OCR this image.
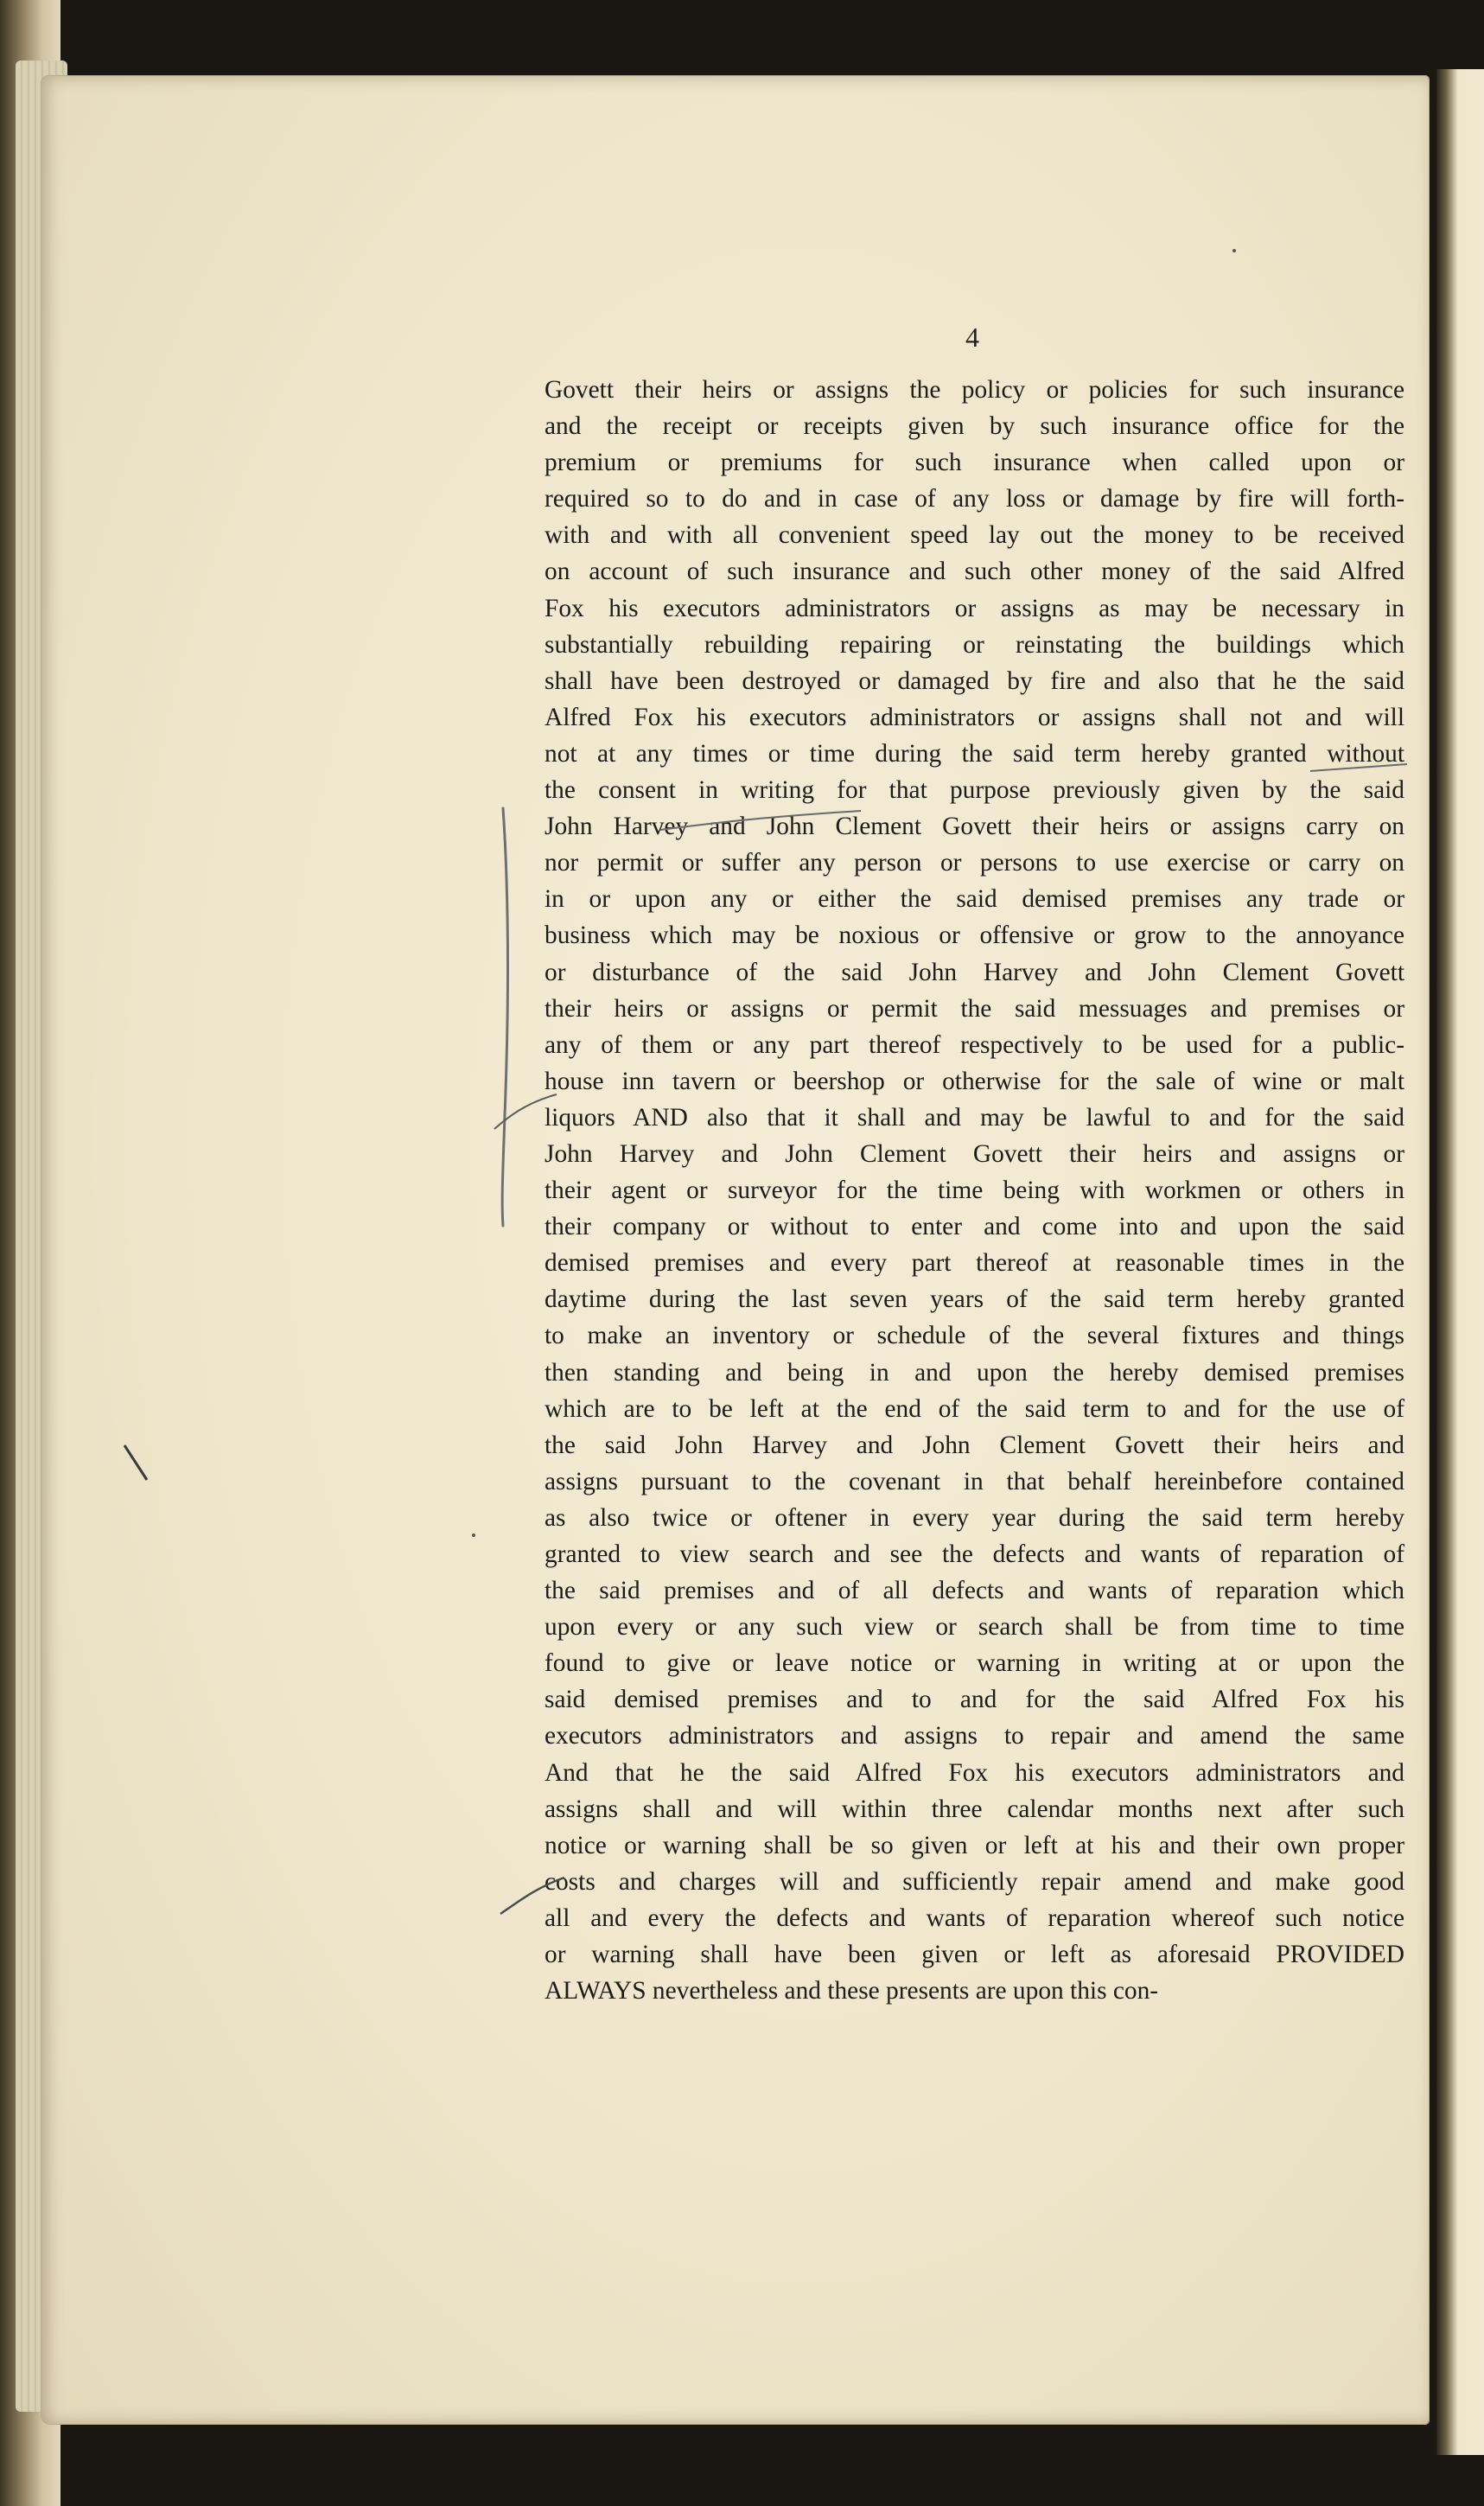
4
Govett their heirs or assigns the policy or policies for such insurance
and the receipt or receipts given by such insurance office for the
premium or premiums for such insurance when called upon or
required so to do and in case of any loss or damage by fire will forth-
with and with all convenient speed lay out the money to be received
on account of such insurance and such other money of the said Alfred
Fox his executors administrators or assigns as may be necessary in
substantially rebuilding repairing or reinstating the buildings which
shall have been destroyed or damaged by fire and also that he the said
Alfred Fox his executors administrators or assigns shall not and will
not at any times or time during the said term hereby granted without
the consent in writing for that purpose previously given by the said
John Harvey and John Clement Govett their heirs or assigns carry on
nor permit or suffer any person or persons to use exercise or carry on
in or upon any or either the said demised premises any trade or
business which may be noxious or offensive or grow to the annoyance
or disturbance of the said John Harvey and John Clement Govett
their heirs or assigns or permit the said messuages and premises or
any of them or any part thereof respectively to be used for a public-
house inn tavern or beershop or otherwise for the sale of wine or malt
liquors AND also that it shall and may be lawful to and for the said
John Harvey and John Clement Govett their heirs and assigns or
their agent or surveyor for the time being with workmen or others in
their company or without to enter and come into and upon the said
demised premises and every part thereof at reasonable times in the
daytime during the last seven years of the said term hereby granted
to make an inventory or schedule of the several fixtures and things
then standing and being in and upon the hereby demised premises
which are to be left at the end of the said term to and for the use of
the said John Harvey and John Clement Govett their heirs and
assigns pursuant to the covenant in that behalf hereinbefore contained
as also twice or oftener in every year during the said term hereby
granted to view search and see the defects and wants of reparation of
the said premises and of all defects and wants of reparation which
upon every or any such view or search shall be from time to time
found to give or leave notice or warning in writing at or upon the
said demised premises and to and for the said Alfred Fox his
executors administrators and assigns to repair and amend the same
And that he the said Alfred Fox his executors administrators and
assigns shall and will within three calendar months next after such
notice or warning shall be so given or left at his and their own proper
costs and charges will and sufficiently repair amend and make good
all and every the defects and wants of reparation whereof such notice
or warning shall have been given or left as aforesaid PROVIDED
ALWAYS nevertheless and these presents are upon this con-
